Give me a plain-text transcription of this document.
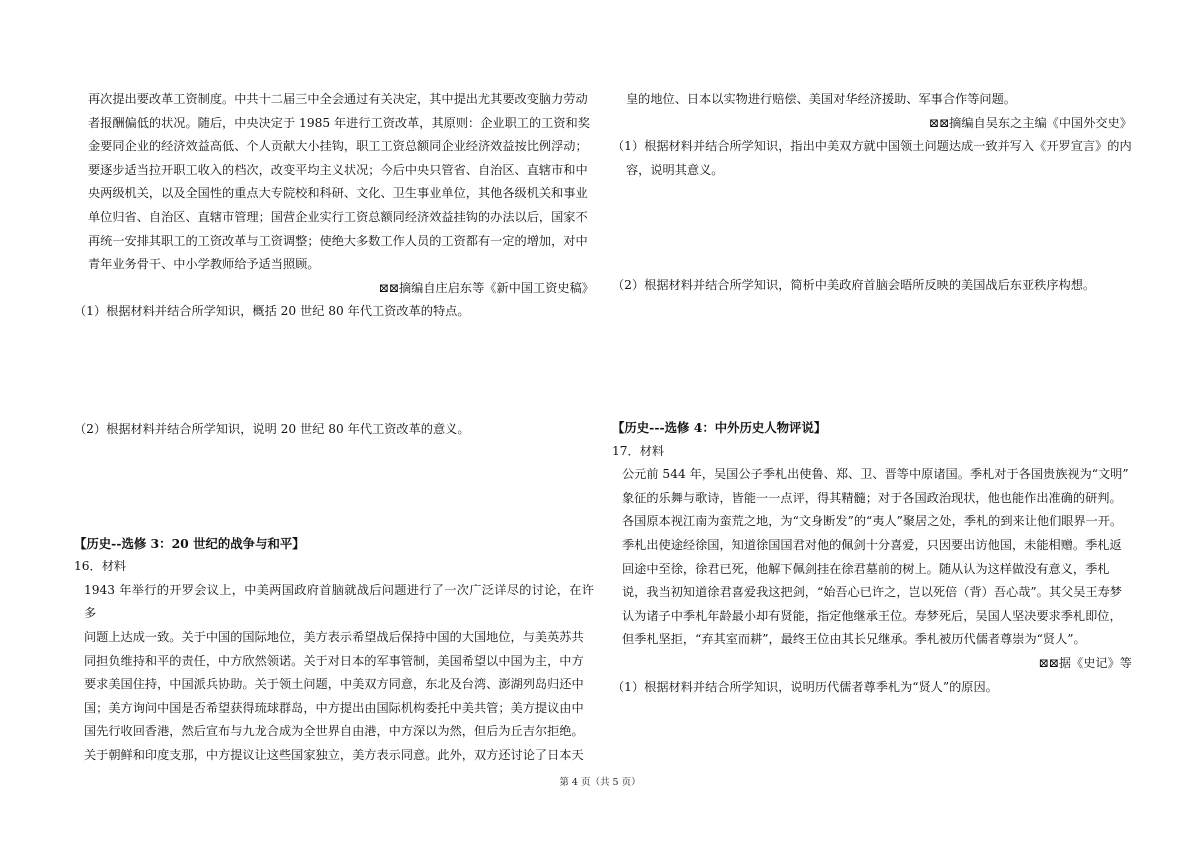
再次提出要改革工资制度。中共十二届三中全会通过有关决定，其中提出尤其要改变脑力劳动

者报酬偏低的状况。随后，中央决定于 1985 年进行工资改革，其原则：企业职工的工资和奖

金要同企业的经济效益高低、个人贡献大小挂钩，职工工资总额同企业经济效益按比例浮动；

要逐步适当拉开职工收入的档次，改变平均主义状况；今后中央只管省、自治区、直辖市和中

央两级机关，以及全国性的重点大专院校和科研、文化、卫生事业单位，其他各级机关和事业

单位归省、自治区、直辖市管理；国营企业实行工资总额同经济效益挂钩的办法以后，国家不

再统一安排其职工的工资改革与工资调整；使绝大多数工作人员的工资都有一定的增加，对中

青年业务骨干、中小学教师给予适当照顾。

⊠⊠摘编自庄启东等《新中国工资史稿》

（1）根据材料并结合所学知识，概括 20 世纪 80 年代工资改革的特点。

（2）根据材料并结合所学知识，说明 20 世纪 80 年代工资改革的意义。

【历史--选修 3：20 世纪的战争与和平】

16．材料

1943 年举行的开罗会议上，中美两国政府首脑就战后问题进行了一次广泛详尽的讨论，在许多

问题上达成一致。关于中国的国际地位，美方表示希望战后保持中国的大国地位，与美英苏共

同担负维持和平的责任，中方欣然领诺。关于对日本的军事管制，美国希望以中国为主，中方

要求美国住持，中国派兵协助。关于领土问题，中美双方同意，东北及台湾、澎湖列岛归还中

国；美方询问中国是否希望获得琉球群岛，中方提出由国际机构委托中美共管；美方提议由中

国先行收回香港，然后宣布与九龙合成为全世界自由港，中方深以为然，但后为丘吉尔拒绝。

关于朝鲜和印度支那，中方提议让这些国家独立，美方表示同意。此外，双方还讨论了日本天

皇的地位、日本以实物进行赔偿、美国对华经济援助、军事合作等问题。

⊠⊠摘编自吴东之主编《中国外交史》

（1）根据材料并结合所学知识，指出中美双方就中国领土问题达成一致并写入《开罗宣言》的内

容，说明其意义。

（2）根据材料并结合所学知识，简析中美政府首脑会晤所反映的美国战后东亚秩序构想。

【历史---选修 4：中外历史人物评说】

17．材料

公元前 544 年，吴国公子季札出使鲁、郑、卫、晋等中原诸国。季札对于各国贵族视为“文明”

象征的乐舞与歌诗，皆能一一点评，得其精髓；对于各国政治现状，他也能作出准确的研判。

各国原本视江南为蛮荒之地，为“文身断发”的“夷人”聚居之处，季札的到来让他们眼界一开。

季札出使途经徐国，知道徐国国君对他的佩剑十分喜爱，只因要出访他国，未能相赠。季札返

回途中至徐，徐君已死，他解下佩剑挂在徐君墓前的树上。随从认为这样做没有意义，季札

说，我当初知道徐君喜爱我这把剑，“始吾心已许之，岂以死倍（背）吾心哉”。其父吴王寿梦

认为诸子中季札年龄最小却有贤能，指定他继承王位。寿梦死后，吴国人坚决要求季札即位，

但季札坚拒，“弃其室而耕”，最终王位由其长兄继承。季札被历代儒者尊崇为“贤人”。

⊠⊠据《史记》等

（1）根据材料并结合所学知识，说明历代儒者尊季札为“贤人”的原因。

第 4 页（共 5 页）
